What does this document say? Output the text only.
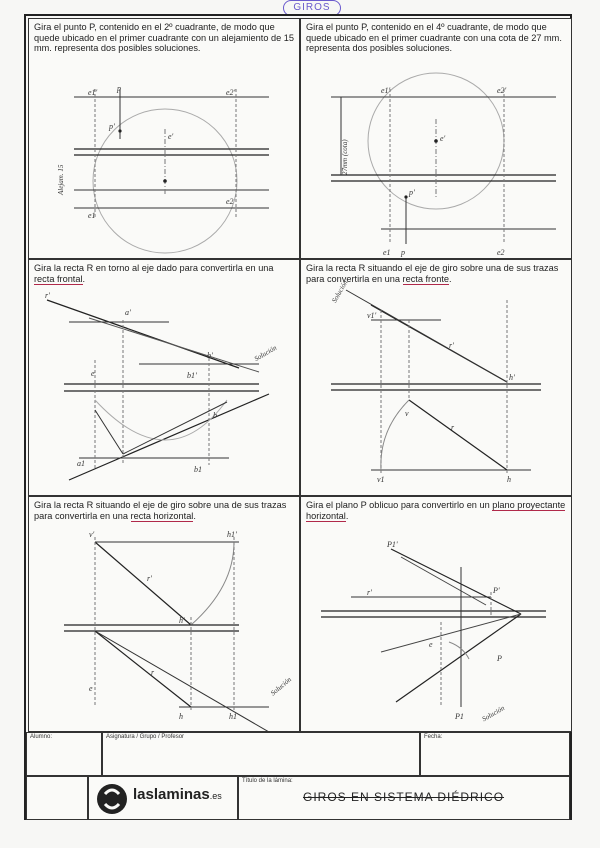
GIROS
Gira el punto P, contenido en el 2º cuadrante, de modo que quede ubicado en el primer cuadrante con un alejamiento de 15 mm. representa dos posibles soluciones.
e1' p
p'
e'
e2'
e1
e2
Alejam. 15
Gira el punto P, contenido en el 4º cuadrante, de modo que quede ubicado en el primer cuadrante con una cota de 27 mm. representa dos posibles soluciones.
e1'	e2'
e'
p'
e1 p	e2
27mm (cota)
Gira la recta R en torno al eje dado para convertirla en una recta frontal.
r'
a'
b'
b1'
e
b
a1
b1
Solución
Gira la recta R situando el eje de giro sobre una de sus trazas para convertirla en una recta fronte.
v1'
r'
h'
v
r
v1	h
Solución
Gira la recta R situando el eje de giro sobre una de sus trazas para convertirla en una recta horizontal.
v'	h1'
r'
h'
r
e
h	h1
Solución
Gira el plano P oblicuo para convertirlo en un plano proyectante horizontal.
P1'
P'
r'
e
P
P1 Solución
Alumno:	Asignatura / Grupo / Profesor	Fecha:
laslaminas.es
Título de la lámina:
GIROS EN SISTEMA DIÉDRICO
